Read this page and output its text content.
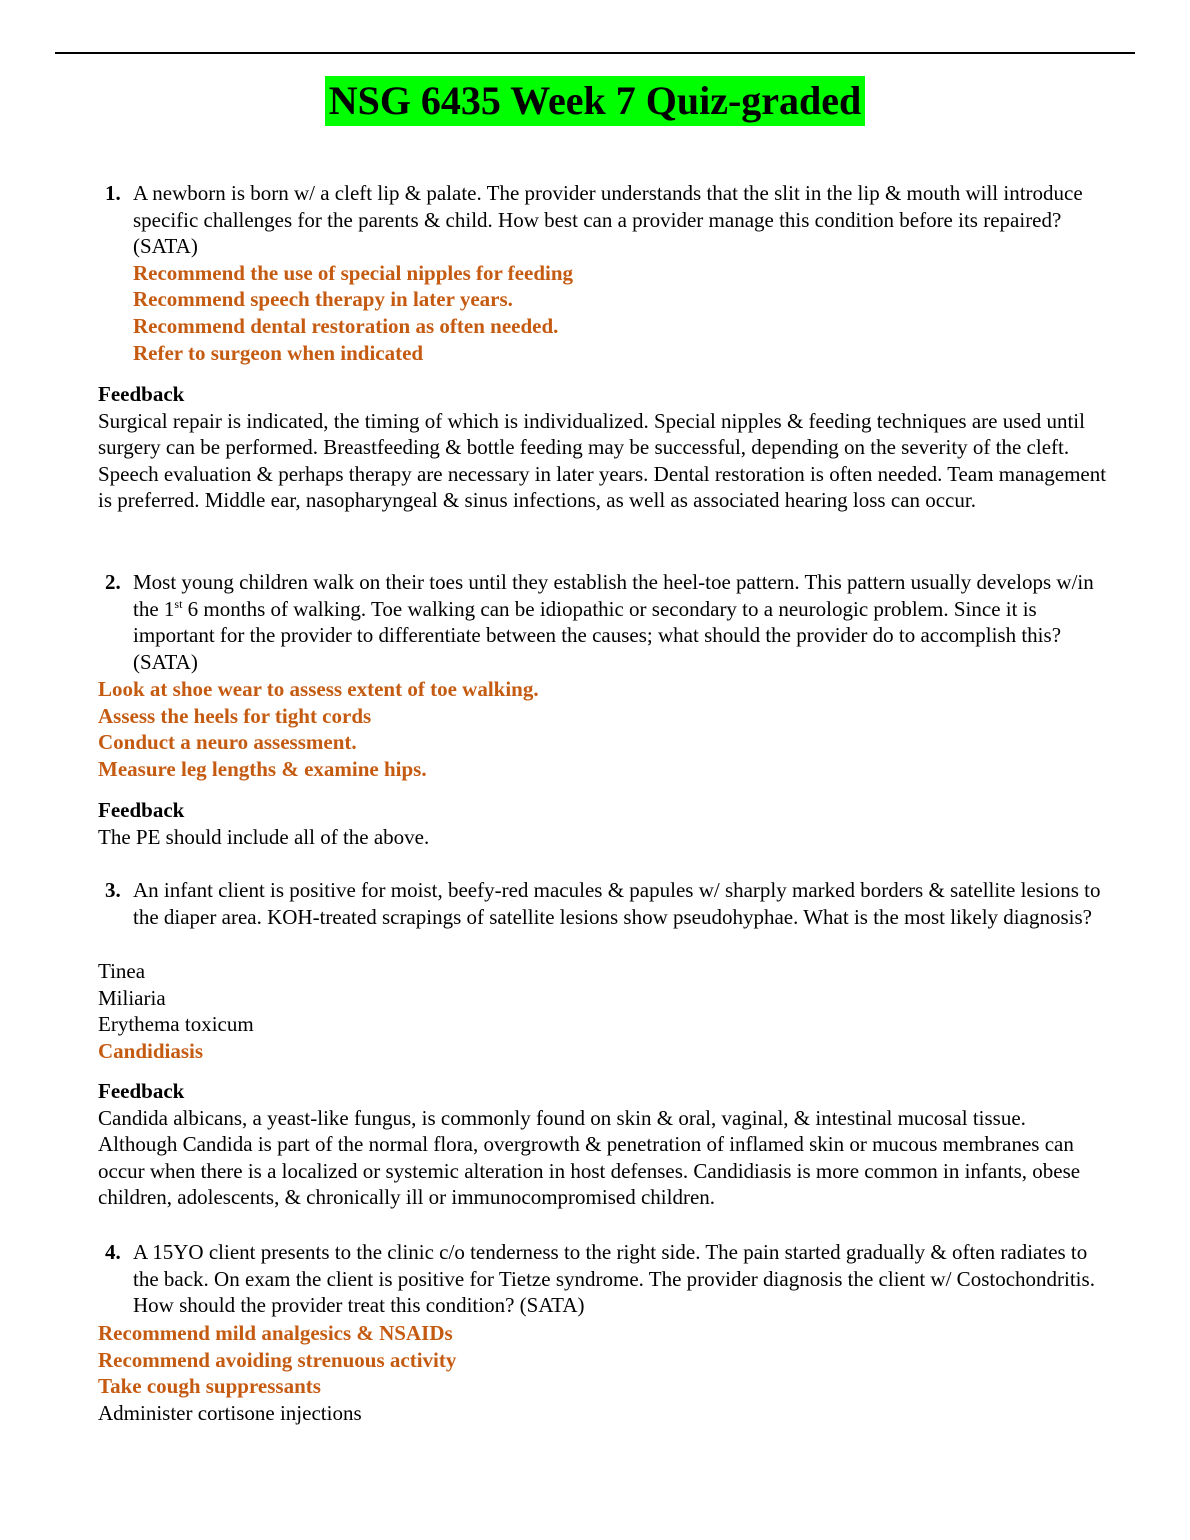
NSG 6435 Week 7 Quiz-graded
1. A newborn is born w/ a cleft lip & palate. The provider understands that the slit in the lip & mouth will introduce specific challenges for the parents & child. How best can a provider manage this condition before its repaired? (SATA)
Recommend the use of special nipples for feeding
Recommend speech therapy in later years.
Recommend dental restoration as often needed.
Refer to surgeon when indicated
Feedback
Surgical repair is indicated, the timing of which is individualized. Special nipples & feeding techniques are used until surgery can be performed. Breastfeeding & bottle feeding may be successful, depending on the severity of the cleft. Speech evaluation & perhaps therapy are necessary in later years. Dental restoration is often needed. Team management is preferred. Middle ear, nasopharyngeal & sinus infections, as well as associated hearing loss can occur.
2. Most young children walk on their toes until they establish the heel-toe pattern. This pattern usually develops w/in the 1st 6 months of walking. Toe walking can be idiopathic or secondary to a neurologic problem. Since it is important for the provider to differentiate between the causes; what should the provider do to accomplish this? (SATA)
Look at shoe wear to assess extent of toe walking.
Assess the heels for tight cords
Conduct a neuro assessment.
Measure leg lengths & examine hips.
Feedback
The PE should include all of the above.
3. An infant client is positive for moist, beefy-red macules & papules w/ sharply marked borders & satellite lesions to the diaper area. KOH-treated scrapings of satellite lesions show pseudohyphae. What is the most likely diagnosis?
Tinea
Miliaria
Erythema toxicum
Candidiasis
Feedback
Candida albicans, a yeast-like fungus, is commonly found on skin & oral, vaginal, & intestinal mucosal tissue. Although Candida is part of the normal flora, overgrowth & penetration of inflamed skin or mucous membranes can occur when there is a localized or systemic alteration in host defenses. Candidiasis is more common in infants, obese children, adolescents, & chronically ill or immunocompromised children.
4. A 15YO client presents to the clinic c/o tenderness to the right side. The pain started gradually & often radiates to the back. On exam the client is positive for Tietze syndrome. The provider diagnosis the client w/ Costochondritis. How should the provider treat this condition? (SATA)
Recommend mild analgesics & NSAIDs
Recommend avoiding strenuous activity
Take cough suppressants
Administer cortisone injections
